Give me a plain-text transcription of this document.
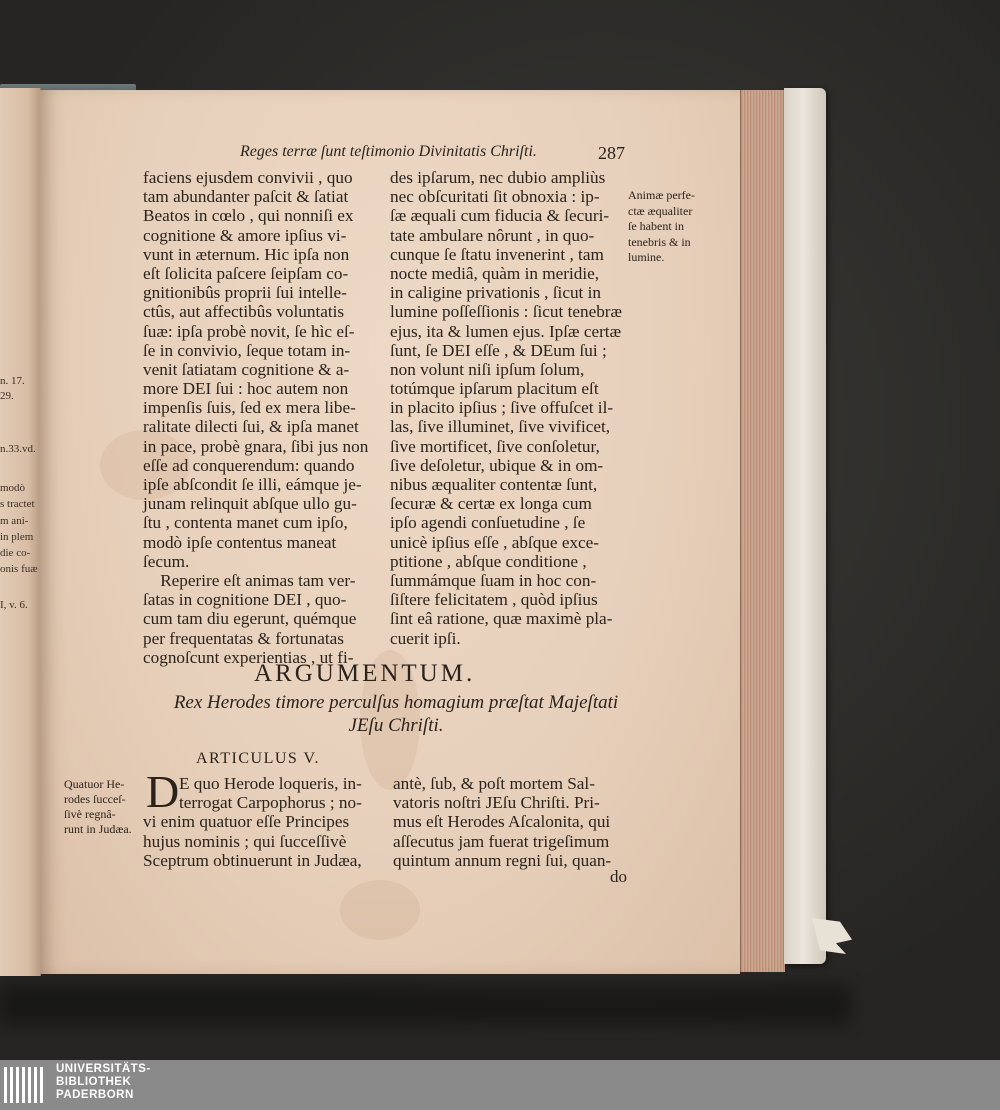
n. 17.
29.
n.33.vd.
modò
s tractet
m ani-
in plem
die co-
onis fuæ
I, v. 6.
Reges terræ ſunt teſtimonio Divinitatis Chriſti.	287
faciens ejusdem convivii , quo
tam abundanter paſcit & ſatiat
Beatos in cœlo , qui nonniſi ex
cognitione & amore ipſius vi-
vunt in æternum. Hic ipſa non
eſt ſolicita paſcere ſeipſam co-
gnitionibûs proprii ſui intelle-
ctûs, aut affectibûs voluntatis
ſuæ: ipſa probè novit, ſe hìc eſ-
ſe in convivio, ſeque totam in-
venit ſatiatam cognitione & a-
more DEI ſui : hoc autem non
impenſis ſuis, ſed ex mera libe-
ralitate dilecti ſui, & ipſa manet
in pace, probè gnara, ſibi jus non
eſſe ad conquerendum: quando
ipſe abſcondit ſe illi, eámque je-
junam relinquit abſque ullo gu-
ſtu , contenta manet cum ipſo,
modò ipſe contentus maneat
ſecum.
Reperire eſt animas tam ver-
ſatas in cognitione DEI , quo-
cum tam diu egerunt, quémque
per frequentatas & fortunatas
cognoſcunt experientias , ut fi-
des ipſarum, nec dubio ampliùs
nec obſcuritati ſit obnoxia : ip-
ſæ æquali cum fiducia & ſecuri-
tate ambulare nôrunt , in quo-
cunque ſe ſtatu invenerint , tam
nocte mediâ, quàm in meridie,
in caligine privationis , ſicut in
lumine poſſeſſionis : ſicut tenebræ
ejus, ita & lumen ejus. Ipſæ certæ
ſunt, ſe DEI eſſe , & DEum ſui ;
non volunt niſi ipſum ſolum,
totúmque ipſarum placitum eſt
in placito ipſius ; ſive offuſcet il-
las, ſive illuminet, ſive vivificet,
ſive mortificet, ſive conſoletur,
ſive deſoletur, ubique & in om-
nibus æqualiter contentæ ſunt,
ſecuræ & certæ ex longa cum
ipſo agendi conſuetudine , ſe
unicè ipſius eſſe , abſque exce-
ptitione , abſque conditione ,
ſummámque ſuam in hoc con-
ſiſtere felicitatem , quòd ipſius
ſint eâ ratione, quæ maximè pla-
cuerit ipſi.
Animæ perfe-
ctæ æqualiter
ſe habent in
tenebris & in
lumine.
ARGUMENTUM.
Rex Herodes timore perculſus homagium præſtat Majeſtati
JEſu Chriſti.
ARTICULUS V.
Quatuor He-
rodes ſucceſ-
ſivè regnâ-
runt in Judæa.
D E quo Herode loqueris, in-
terrogat Carpophorus ; no-
vi enim quatuor eſſe Principes
hujus nominis ; qui ſucceſſivè
Sceptrum obtinuerunt in Judæa,
antè, ſub, & poſt mortem Sal-
vatoris noſtri JEſu Chriſti. Pri-
mus eſt Herodes Aſcalonita, qui
aſſecutus jam fuerat trigeſimum
quintum annum regni ſui, quan-
do
UNIVERSITÄTS-
BIBLIOTHEK
PADERBORN
